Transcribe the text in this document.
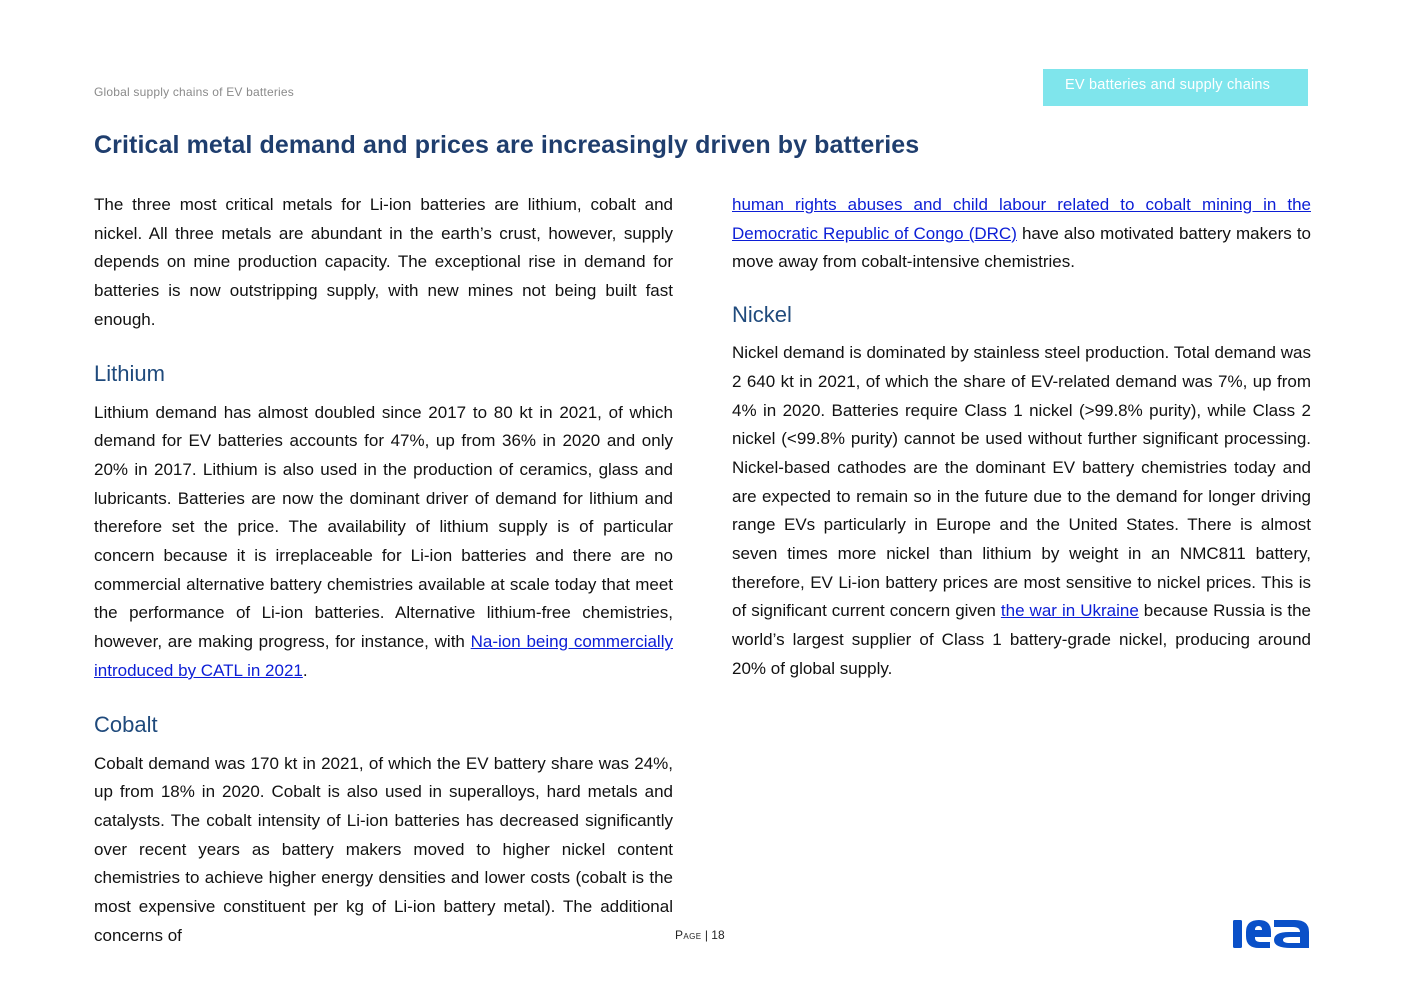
Global supply chains of EV batteries	EV batteries and supply chains
Critical metal demand and prices are increasingly driven by batteries

The three most critical metals for Li-ion batteries are lithium, cobalt and nickel. All three metals are abundant in the earth’s crust, however, supply depends on mine production capacity. The exceptional rise in demand for batteries is now outstripping supply, with new mines not being built fast enough.

Lithium

Lithium demand has almost doubled since 2017 to 80 kt in 2021, of which demand for EV batteries accounts for 47%, up from 36% in 2020 and only 20% in 2017. Lithium is also used in the production of ceramics, glass and lubricants. Batteries are now the dominant driver of demand for lithium and therefore set the price. The availability of lithium supply is of particular concern because it is irreplaceable for Li-ion batteries and there are no commercial alternative battery chemistries available at scale today that meet the performance of Li-ion batteries. Alternative lithium-free chemistries, however, are making progress, for instance, with Na-ion being commercially introduced by CATL in 2021.

Cobalt

Cobalt demand was 170 kt in 2021, of which the EV battery share was 24%, up from 18% in 2020. Cobalt is also used in superalloys, hard metals and catalysts. The cobalt intensity of Li-ion batteries has decreased significantly over recent years as battery makers moved to higher nickel content chemistries to achieve higher energy densities and lower costs (cobalt is the most expensive constituent per kg of Li-ion battery metal). The additional concerns of

human rights abuses and child labour related to cobalt mining in the Democratic Republic of Congo (DRC) have also motivated battery makers to move away from cobalt-intensive chemistries.

Nickel

Nickel demand is dominated by stainless steel production. Total demand was 2 640 kt in 2021, of which the share of EV-related demand was 7%, up from 4% in 2020. Batteries require Class 1 nickel (>99.8% purity), while Class 2 nickel (<99.8% purity) cannot be used without further significant processing. Nickel-based cathodes are the dominant EV battery chemistries today and are expected to remain so in the future due to the demand for longer driving range EVs particularly in Europe and the United States. There is almost seven times more nickel than lithium by weight in an NMC811 battery, therefore, EV Li-ion battery prices are most sensitive to nickel prices. This is of significant current concern given the war in Ukraine because Russia is the world’s largest supplier of Class 1 battery-grade nickel, producing around 20% of global supply.

Page | 18
